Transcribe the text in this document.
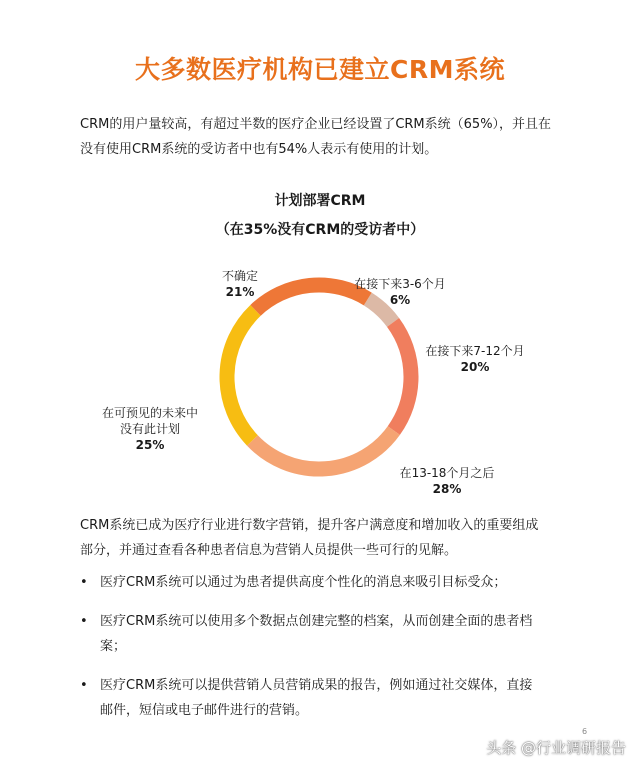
大多数医疗机构已建立CRM系统
CRM的用户量较高，有超过半数的医疗企业已经设置了CRM系统（65%），并且在
没有使用CRM系统的受访者中也有54%人表示有使用的计划。
计划部署CRM
（在35%没有CRM的受访者中）
在接下来3-6个月
6%
在接下来7-12个月
20%
在13-18个月之后
28%
在可预见的未来中
没有此计划
25%
不确定
21%
CRM系统已成为医疗行业进行数字营销，提升客户满意度和增加收入的重要组成
部分，并通过查看各种患者信息为营销人员提供一些可行的见解。
• 医疗CRM系统可以通过为患者提供高度个性化的消息来吸引目标受众；
• 医疗CRM系统可以使用多个数据点创建完整的档案，从而创建全面的患者档
案；
• 医疗CRM系统可以提供营销人员营销成果的报告，例如通过社交媒体，直接
邮件，短信或电子邮件进行的营销。
6
头条 @行业调研报告
